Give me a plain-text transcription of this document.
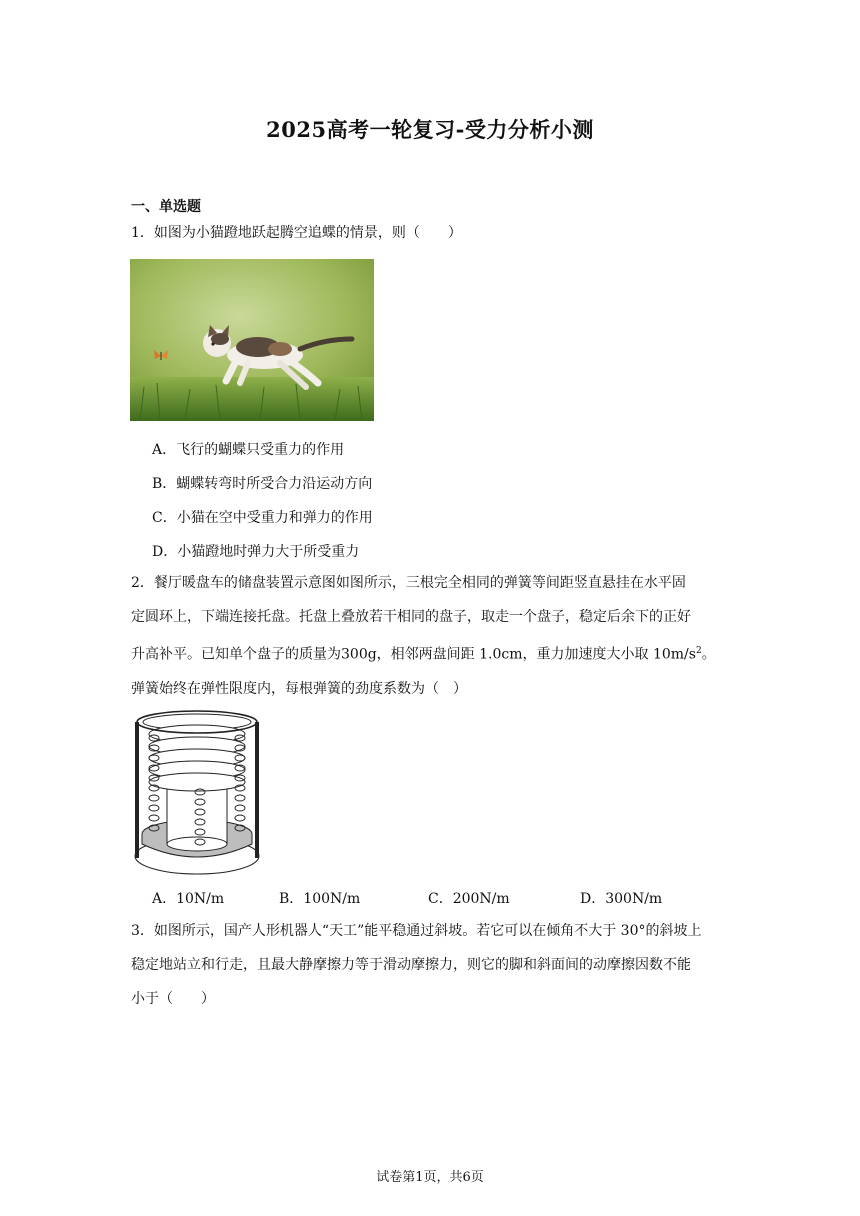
2025高考一轮复习-受力分析小测
一、单选题
1．如图为小猫蹬地跃起腾空追蝶的情景，则（　　）
A．飞行的蝴蝶只受重力的作用
B．蝴蝶转弯时所受合力沿运动方向
C．小猫在空中受重力和弹力的作用
D．小猫蹬地时弹力大于所受重力
2．餐厅暖盘车的储盘装置示意图如图所示，三根完全相同的弹簧等间距竖直悬挂在水平固
定圆环上，下端连接托盘。托盘上叠放若干相同的盘子，取走一个盘子，稳定后余下的正好
升高补平。已知单个盘子的质量为300g，相邻两盘间距 1.0cm，重力加速度大小取 $10m/s^2$。
弹簧始终在弹性限度内，每根弹簧的劲度系数为（　）
A．10N/m	B．100N/m	C．200N/m	D．300N/m
3．如图所示，国产人形机器人“天工”能平稳通过斜坡。若它可以在倾角不大于 30°的斜坡上
稳定地站立和行走，且最大静摩擦力等于滑动摩擦力，则它的脚和斜面间的动摩擦因数不能
小于（　　）
试卷第1页，共6页
